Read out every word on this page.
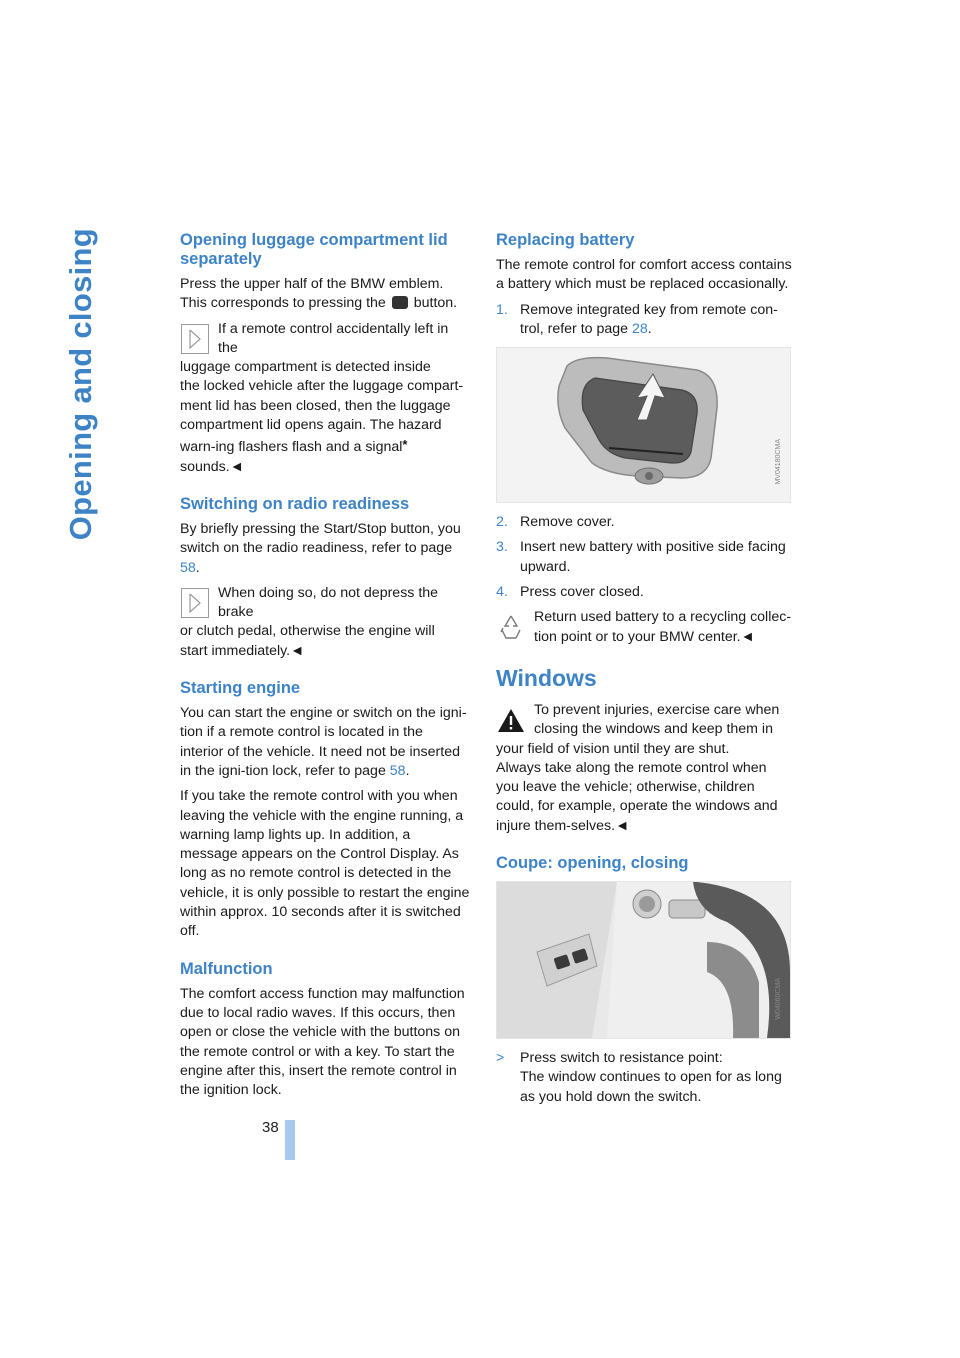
Opening and closing
38
Opening luggage compartment lid separately

Press the upper half of the BMW emblem.

This corresponds to pressing the button.

If a remote control accidentally left in the
luggage compartment is detected inside
the locked vehicle after the luggage compart-ment lid has been closed, then the luggage compartment lid opens again. The hazard warn-ing flashers flash and a signal* sounds.◄
Switching on radio readiness

By briefly pressing the Start/Stop button, you switch on the radio readiness, refer to page 58.

When doing so, do not depress the brake
or clutch pedal, otherwise the engine will
start immediately.◄
Starting engine

You can start the engine or switch on the igni-tion if a remote control is located in the interior of the vehicle. It need not be inserted in the igni-tion lock, refer to page 58.

If you take the remote control with you when leaving the vehicle with the engine running, a warning lamp lights up. In addition, a message appears on the Control Display. As long as no remote control is detected in the vehicle, it is only possible to restart the engine within approx. 10 seconds after it is switched off.

Malfunction

The comfort access function may malfunction due to local radio waves. If this occurs, then open or close the vehicle with the buttons on the remote control or with a key. To start the engine after this, insert the remote control in the ignition lock.

Replacing battery

The remote control for comfort access contains a battery which must be replaced occasionally.

1. Remove integrated key from remote con-trol, refer to page 28.
MV04180CMA
2. Remove cover.
3. Insert new battery with positive side facing upward.
4. Press cover closed.
Return used battery to a recycling collec-
tion point or to your BMW center.◄
Windows
To prevent injuries, exercise care when
closing the windows and keep them in
your field of vision until they are shut.
Always take along the remote control when you leave the vehicle; otherwise, children could, for example, operate the windows and injure them-selves.◄
Coupe: opening, closing
W04060CMA
>	Press switch to resistance point:
The window continues to open for as long as you hold down the switch.
